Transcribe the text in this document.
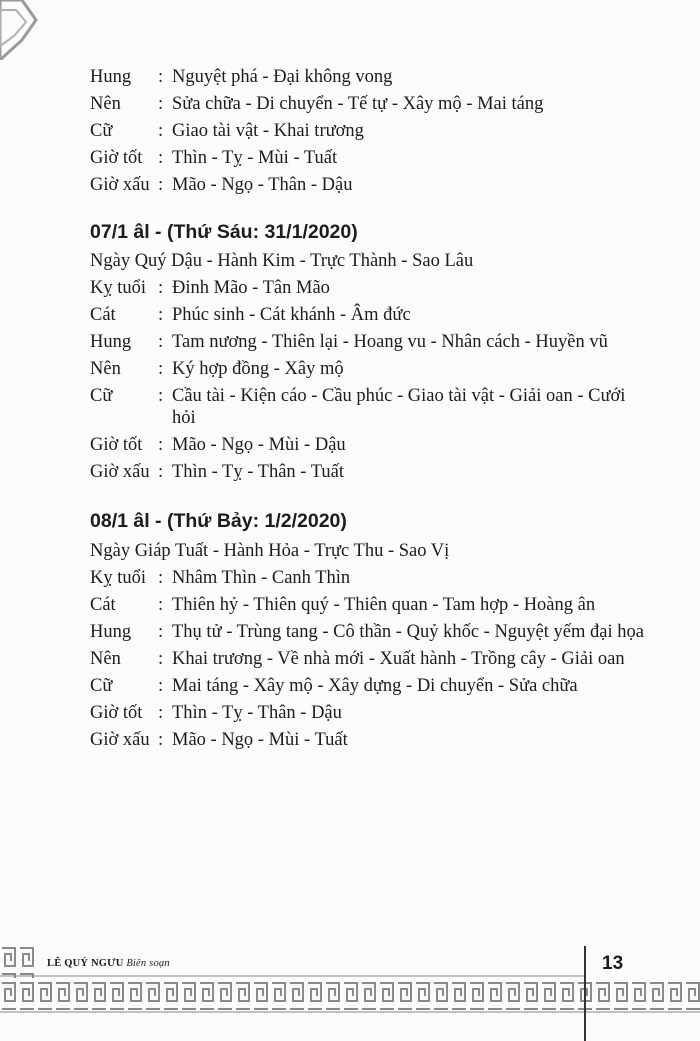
Hung	: Nguyệt phá - Đại không vong
Nên	: Sửa chữa - Di chuyển - Tế tự - Xây mộ - Mai táng
Cữ	: Giao tài vật - Khai trương
Giờ tốt : Thìn - Tỵ - Mùi - Tuất
Giờ xấu : Mão - Ngọ - Thân - Dậu
07/1 âl - (Thứ Sáu: 31/1/2020)
Ngày Quý Dậu - Hành Kim - Trực Thành - Sao Lâu
Kỵ tuổi : Đinh Mão - Tân Mão
Cát	: Phúc sinh - Cát khánh - Âm đức
Hung	: Tam nương - Thiên lại - Hoang vu - Nhân cách - Huyền vũ
Nên	: Ký hợp đồng - Xây mộ
Cữ	: Cầu tài - Kiện cáo - Cầu phúc - Giao tài vật - Giải oan - Cưới hỏi
Giờ tốt : Mão - Ngọ - Mùi - Dậu
Giờ xấu : Thìn - Tỵ - Thân - Tuất
08/1 âl - (Thứ Bảy: 1/2/2020)
Ngày Giáp Tuất - Hành Hỏa - Trực Thu - Sao Vị
Kỵ tuổi : Nhâm Thìn - Canh Thìn
Cát	: Thiên hỷ - Thiên quý - Thiên quan - Tam hợp - Hoàng ân
Hung	: Thụ tử - Trùng tang - Cô thần - Quỷ khốc - Nguyệt yếm đại họa
Nên	: Khai trương - Về nhà mới - Xuất hành - Trồng cây - Giải oan
Cữ	: Mai táng - Xây mộ - Xây dựng - Di chuyển - Sửa chữa
Giờ tốt : Thìn - Tỵ - Thân - Dậu
Giờ xấu : Mão - Ngọ - Mùi - Tuất
LÊ QUÝ NGƯU Biên soạn	13
